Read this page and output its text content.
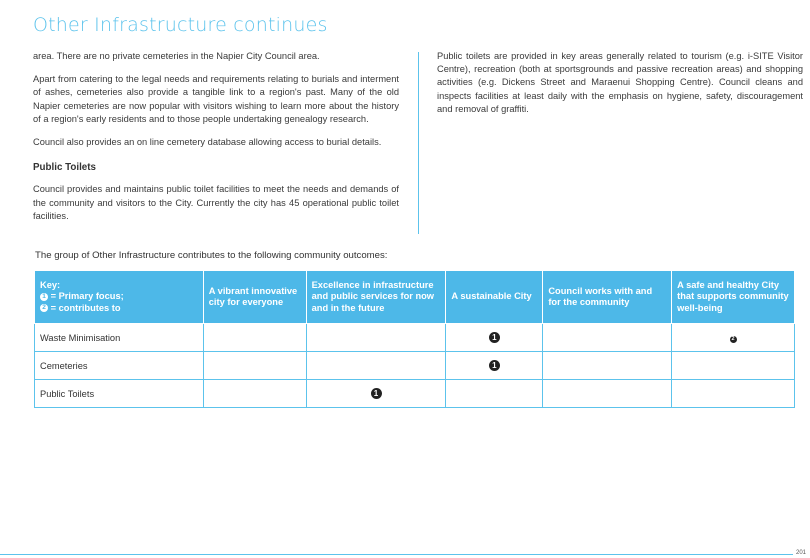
Other Infrastructure continues

area. There are no private cemeteries in the Napier City Council area.

Apart from catering to the legal needs and requirements relating to burials and interment of ashes, cemeteries also provide a tangible link to a region's past. Many of the old Napier cemeteries are now popular with visitors wishing to learn more about the history of a region's early residents and to those people undertaking genealogy research.

Council also provides an on line cemetery database allowing access to burial details.

Public Toilets

Council provides and maintains public toilet facilities to meet the needs and demands of the community and visitors to the City. Currently the city has 45 operational public toilet facilities.

Public toilets are provided in key areas generally related to tourism (e.g. i-SITE Visitor Centre), recreation (both at sportsgrounds and passive recreation areas) and shopping activities (e.g. Dickens Street and Maraenui Shopping Centre). Council cleans and inspects facilities at least daily with the emphasis on hygiene, safety, discouragement and removal of graffiti.

The group of Other Infrastructure contributes to the following community outcomes:
Key:
1 = Primary focus;
2 = contributes to	A vibrant innovative city for everyone	Excellence in infrastructure and public services for now and in the future	A sustainable City	Council works with and for the community	A safe and healthy City that supports community well-being
Waste Minimisation			1		2
Cemeteries			1		
Public Toilets		1			
201
